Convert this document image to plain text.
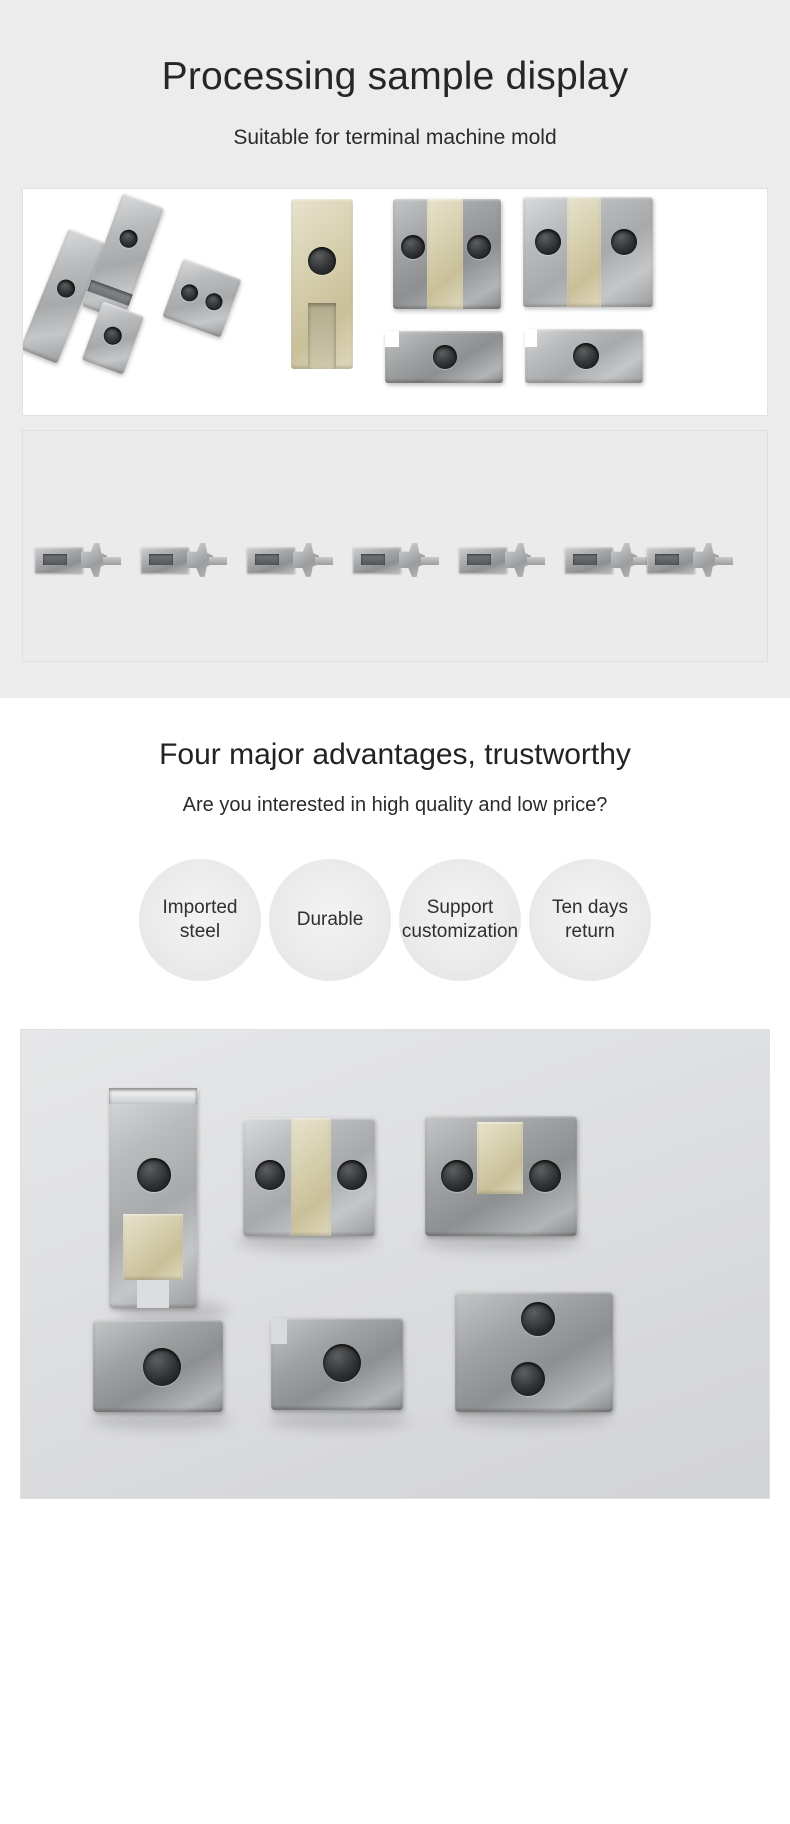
Processing sample display

Suitable for terminal machine mold

Four major advantages, trustworthy

Are you interested in high quality and low price?

Imported steel
Durable
Support customization
Ten days return
